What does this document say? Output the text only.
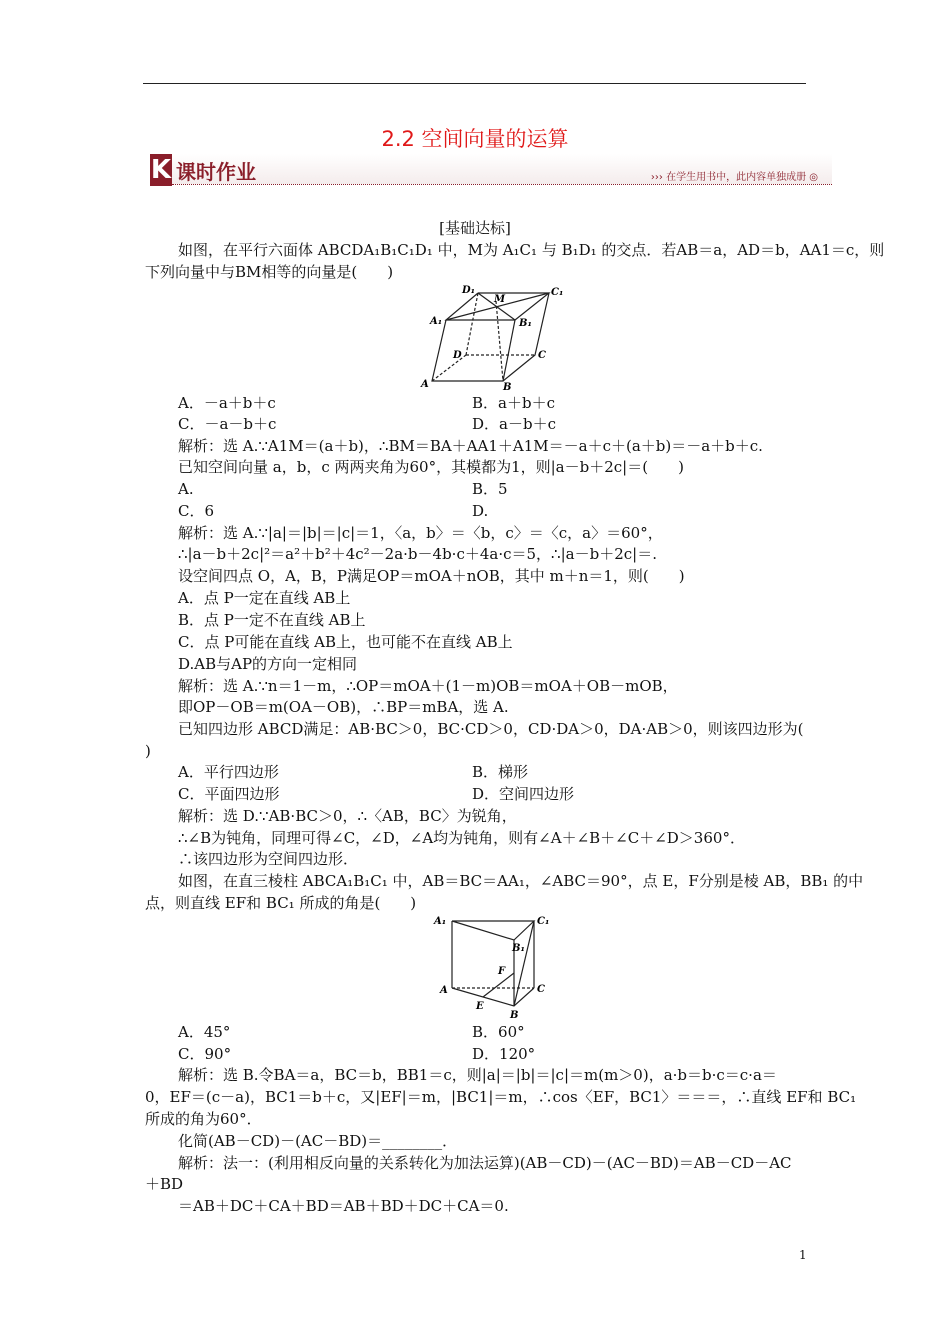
2.2 空间向量的运算
K 课时作业	››› 在学生用书中，此内容单独成册 ◎
[基础达标]
如图，在平行六面体 ABCDA₁B₁C₁D₁ 中，M为 A₁C₁ 与 B₁D₁ 的交点．若AB＝a，AD＝b，AA1＝c，则
下列向量中与BM相等的向量是(　　)
D₁
M
C₁
A₁	B₁
D	C
A	B
A．－a＋b＋c	B．a＋b＋c
C．－a－b＋c	D．a－b＋c
解析：选 A.∵A1M＝(a＋b)，∴BM＝BA＋AA1＋A1M＝－a＋c＋(a＋b)＝－a＋b＋c.
已知空间向量 a，b，c 两两夹角为60°，其模都为1，则|a－b＋2c|＝(　　)
A.	B．5
C．6	D.
解析：选 A.∵|a|＝|b|＝|c|＝1，〈a，b〉＝〈b，c〉＝〈c，a〉＝60°，
∴|a－b＋2c|²＝a²＋b²＋4c²－2a·b－4b·c＋4a·c＝5，∴|a－b＋2c|＝.
设空间四点 O，A，B，P满足OP＝mOA＋nOB，其中 m＋n＝1，则(　　)
A．点 P一定在直线 AB上
B．点 P一定不在直线 AB上
C．点 P可能在直线 AB上，也可能不在直线 AB上
D.AB与AP的方向一定相同
解析：选 A.∵n＝1－m，∴OP＝mOA＋(1－m)OB＝mOA＋OB－mOB，
即OP－OB＝m(OA－OB)，∴BP＝mBA，选 A.
已知四边形 ABCD满足：AB·BC＞0，BC·CD＞0，CD·DA＞0，DA·AB＞0，则该四边形为(
)
A．平行四边形	B．梯形
C．平面四边形	D．空间四边形
解析：选 D.∵AB·BC＞0，∴〈AB，BC〉为锐角，
∴∠B为钝角，同理可得∠C，∠D，∠A均为钝角，则有∠A＋∠B＋∠C＋∠D＞360°．
∴该四边形为空间四边形．
如图，在直三棱柱 ABCA₁B₁C₁ 中，AB＝BC＝AA₁，∠ABC＝90°，点 E，F分别是棱 AB，BB₁ 的中
点，则直线 EF和 BC₁ 所成的角是(　　)
A₁	C₁
B₁
F
A	C
E
B
A．45°	B．60°
C．90°	D．120°
解析：选 B.令BA＝a，BC＝b，BB1＝c，则|a|＝|b|＝|c|＝m(m＞0)，a·b＝b·c＝c·a＝
0，EF＝(c－a)，BC1＝b＋c，又|EF|＝m，|BC1|＝m，∴cos〈EF，BC1〉＝＝＝，∴直线 EF和 BC₁
所成的角为60°．
化简(AB－CD)－(AC－BD)＝________．
解析：法一：(利用相反向量的关系转化为加法运算)(AB－CD)－(AC－BD)＝AB－CD－AC
＋BD
＝AB＋DC＋CA＋BD＝AB＋BD＋DC＋CA＝0.
1
